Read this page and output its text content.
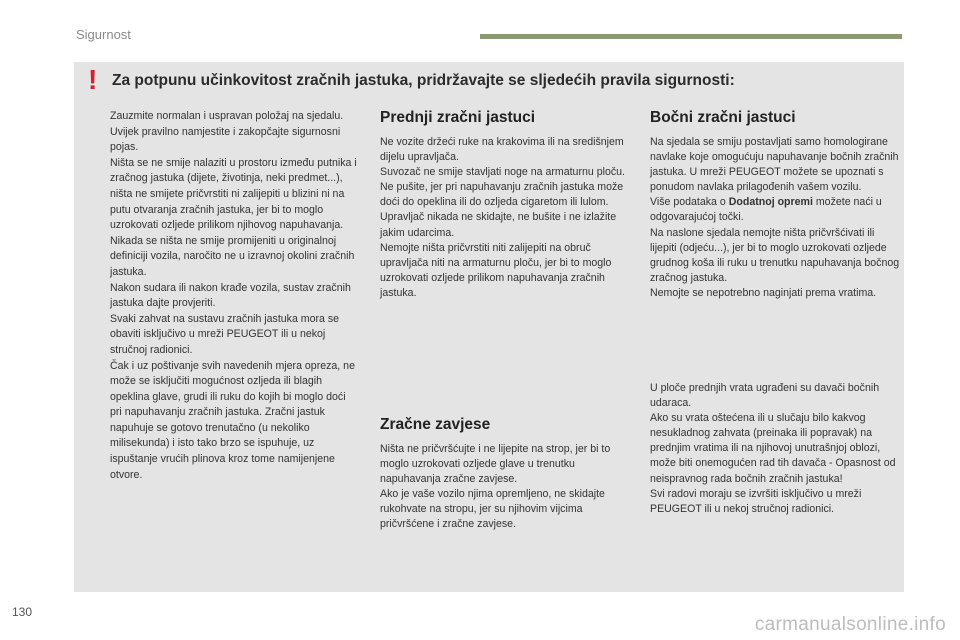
Sigurnost
! Za potpunu učinkovitost zračnih jastuka, pridržavajte se sljedećih pravila sigurnosti:

Zauzmite normalan i uspravan položaj na sjedalu.
Uvijek pravilno namjestite i zakopčajte sigurnosni pojas.
Ništa se ne smije nalaziti u prostoru između putnika i zračnog jastuka (dijete, životinja, neki predmet...), ništa ne smijete pričvrstiti ni zalijepiti u blizini ni na putu otvaranja zračnih jastuka, jer bi to moglo uzrokovati ozljede prilikom njihovog napuhavanja.
Nikada se ništa ne smije promijeniti u originalnoj definiciji vozila, naročito ne u izravnoj okolini zračnih jastuka.
Nakon sudara ili nakon krađe vozila, sustav zračnih jastuka dajte provjeriti.
Svaki zahvat na sustavu zračnih jastuka mora se obaviti isključivo u mreži PEUGEOT ili u nekoj stručnoj radionici.
Čak i uz poštivanje svih navedenih mjera opreza, ne može se isključiti mogućnost ozljeda ili blagih opeklina glave, grudi ili ruku do kojih bi moglo doći pri napuhavanju zračnih jastuka. Zračni jastuk napuhuje se gotovo trenutačno (u nekoliko milisekunda) i isto tako brzo se ispuhuje, uz ispuštanje vrućih plinova kroz tome namijenjene otvore.

Prednji zračni jastuci

Ne vozite držeći ruke na krakovima ili na središnjem dijelu upravljača.
Suvozač ne smije stavljati noge na armaturnu ploču.
Ne pušite, jer pri napuhavanju zračnih jastuka može doći do opeklina ili do ozljeda cigaretom ili lulom.
Upravljač nikada ne skidajte, ne bušite i ne izlažite jakim udarcima.
Nemojte ništa pričvrstiti niti zalijepiti na obruč upravljača niti na armaturnu ploču, jer bi to moglo uzrokovati ozljede prilikom napuhavanja zračnih jastuka.

Zračne zavjese

Ništa ne pričvršćujte i ne lijepite na strop, jer bi to moglo uzrokovati ozljede glave u trenutku napuhavanja zračne zavjese.
Ako je vaše vozilo njima opremljeno, ne skidajte rukohvate na stropu, jer su njihovim vijcima pričvršćene i zračne zavjese.

Bočni zračni jastuci

Na sjedala se smiju postavljati samo homologirane navlake koje omogućuju napuhavanje bočnih zračnih jastuka. U mreži PEUGEOT možete se upoznati s ponudom navlaka prilagođenih vašem vozilu.
Više podataka o Dodatnoj opremi možete naći u odgovarajućoj točki.
Na naslone sjedala nemojte ništa pričvršćivati ili lijepiti (odjeću...), jer bi to moglo uzrokovati ozljede grudnog koša ili ruku u trenutku napuhavanja bočnog zračnog jastuka.
Nemojte se nepotrebno naginjati prema vratima.

U ploče prednjih vrata ugrađeni su davači bočnih udaraca.
Ako su vrata oštećena ili u slučaju bilo kakvog nesukladnog zahvata (preinaka ili popravak) na prednjim vratima ili na njihovoj unutrašnjoj oblozi, može biti onemogućen rad tih davača - Opasnost od neispravnog rada bočnih zračnih jastuka!
Svi radovi moraju se izvršiti isključivo u mreži PEUGEOT ili u nekoj stručnoj radionici.

130
carmanualsonline.info
